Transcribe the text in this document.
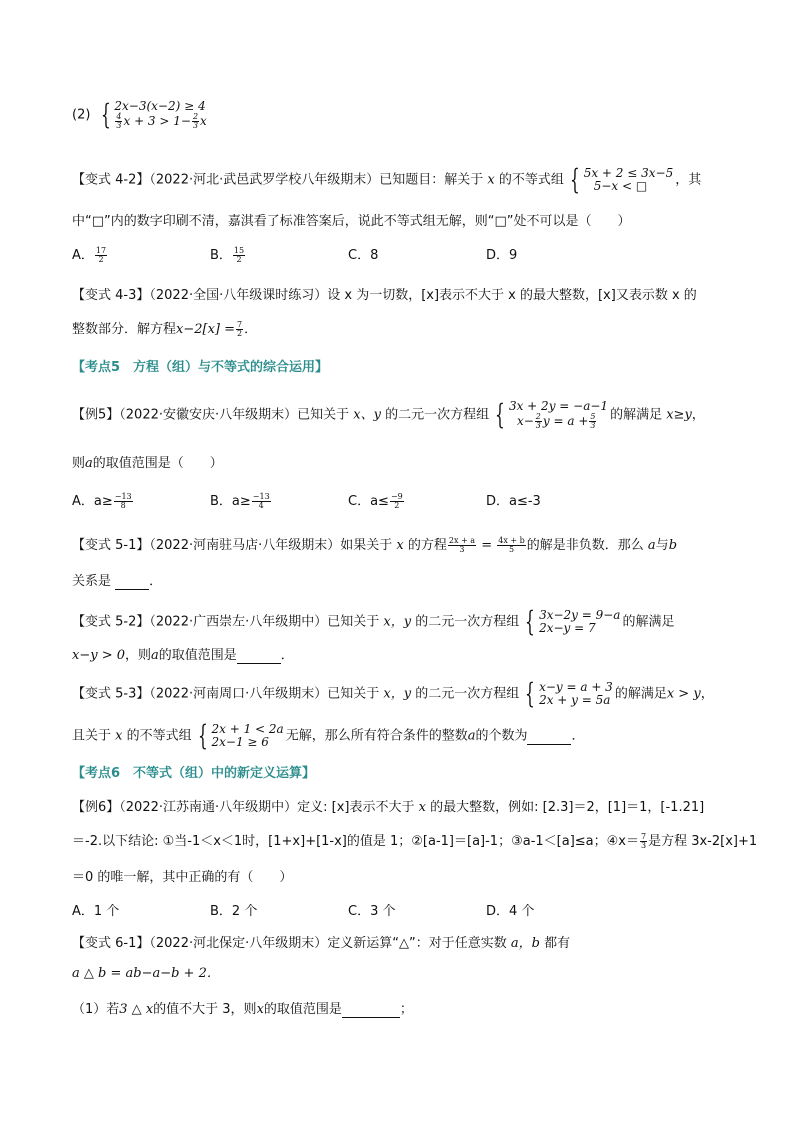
(2) { 2x−3(x−2) ≥ 4
$\frac{4}{3}$ $x + 3 > 1- \frac{2}{3}$ x
【变式 4-2】（2022·河北·武邑武罗学校八年级期末）已知题目：解关于 x 的不等式组 { 5x + 2 ≤ 3x−5
5−x < □	，其
中“□”内的数字印刷不清，嘉淇看了标准答案后，说此不等式组无解，则“□”处不可以是（　　）
A． $\frac{17}{2}$	B． $\frac{15}{2}$	C．8	D．9
【变式 4-3】（2022·全国·八年级课时练习）设 x 为一切数，[x]表示不大于 x 的最大整数，[x]又表示数 x 的
整数部分．解方程$x-2[x] = \frac{7}{2}$ ．
【考点5　方程（组）与不等式的综合运用】
【例5】（2022·安徽安庆·八年级期末）已知关于 x、y 的二元一次方程组 { 3x + 2y = −a−1
$x- \frac{2}{3}$ $y = a + \frac{5}{3}$ 的解满足 x≥y，
则a的取值范围是（　　）
A．$a\ge \frac{-13}{8}$	B．$a\ge \frac{-13}{4}$	C．$a\le \frac{-9}{2}$	D．a≤-3
【变式 5-1】（2022·河南驻马店·八年级期末）如果关于 x 的方程 $\frac{2x + a}{3} = \frac{4x + b}{5}$ 的解是非负数．那么 a与b
关系是	．
【变式 5-2】（2022·广西崇左·八年级期中）已知关于 x，y 的二元一次方程组 { 3x−2y = 9−a
2x−y = 7	的解满足
x−y > 0，则a的取值范围是	．
【变式 5-3】（2022·河南周口·八年级期末）已知关于 x，y 的二元一次方程组 { x−y = a + 3
2x + y = 5a 的解满足x > y，
且关于 x 的不等式组 { 2x + 1 < 2a
2x−1 ≥ 6	无解，那么所有符合条件的整数a的个数为	．
【考点6　不等式（组）中的新定义运算】
【例6】（2022·江苏南通·八年级期中）定义: [x]表示不大于 x 的最大整数，例如: [2.3]＝2，[1]＝1，[-1.21]
＝-2.以下结论: ①当-1＜x＜1时，[1+x]+[1-x]的值是 1；②[a-1]＝[a]-1；③a-1＜[a]≤a；④x＝ $\frac{7}{3}$ 是方程 3x-2[x]+1
＝0 的唯一解，其中正确的有（　　）
A．1 个	B．2 个	C．3 个	D．4 个
【变式 6-1】（2022·河北保定·八年级期末）定义新运算“△”：对于任意实数 a，b 都有
a △ b = ab−a−b + 2．
（1）若3 △ x的值不大于 3，则x的取值范围是	；
